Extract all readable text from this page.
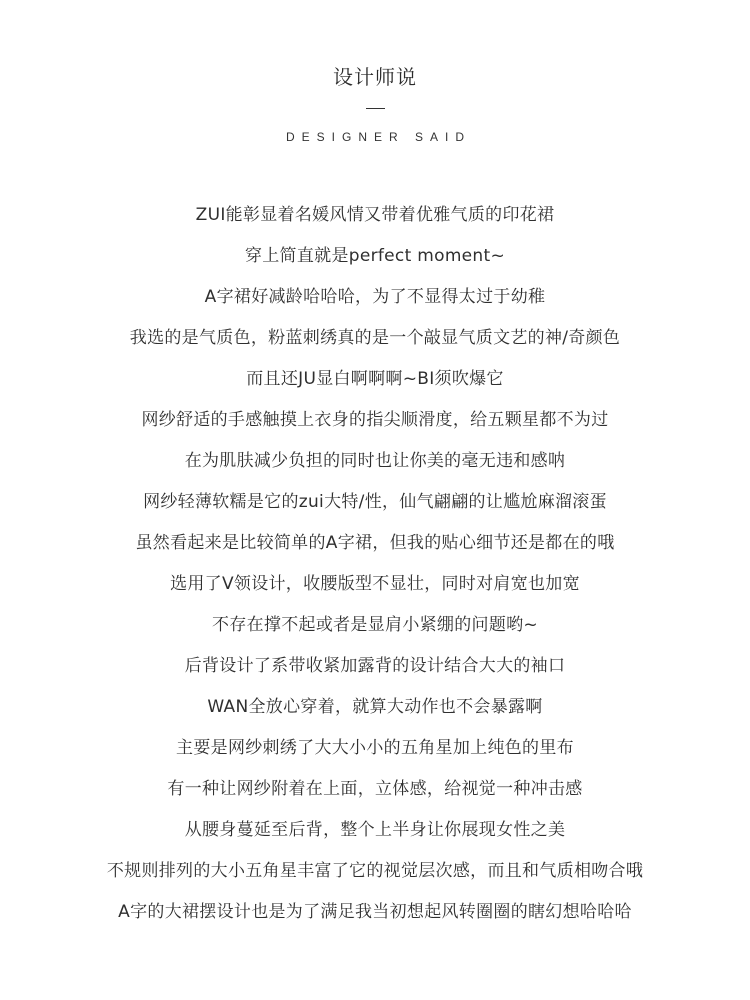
设计师说
DESIGNER SAID
ZUI能彰显着名媛风情又带着优雅气质的印花裙
穿上简直就是perfect moment~
A字裙好减龄哈哈哈，为了不显得太过于幼稚
我选的是气质色，粉蓝刺绣真的是一个敲显气质文艺的神/奇颜色
而且还JU显白啊啊啊~BI须吹爆它
网纱舒适的手感触摸上衣身的指尖顺滑度，给五颗星都不为过
在为肌肤减少负担的同时也让你美的毫无违和感呐
网纱轻薄软糯是它的zui大特/性，仙气翩翩的让尴尬麻溜滚蛋
虽然看起来是比较简单的A字裙，但我的贴心细节还是都在的哦
选用了V领设计，收腰版型不显壮，同时对肩宽也加宽
不存在撑不起或者是显肩小紧绷的问题哟~
后背设计了系带收紧加露背的设计结合大大的袖口
WAN全放心穿着，就算大动作也不会暴露啊
主要是网纱刺绣了大大小小的五角星加上纯色的里布
有一种让网纱附着在上面，立体感，给视觉一种冲击感
从腰身蔓延至后背，整个上半身让你展现女性之美
不规则排列的大小五角星丰富了它的视觉层次感，而且和气质相吻合哦
A字的大裙摆设计也是为了满足我当初想起风转圈圈的瞎幻想哈哈哈
